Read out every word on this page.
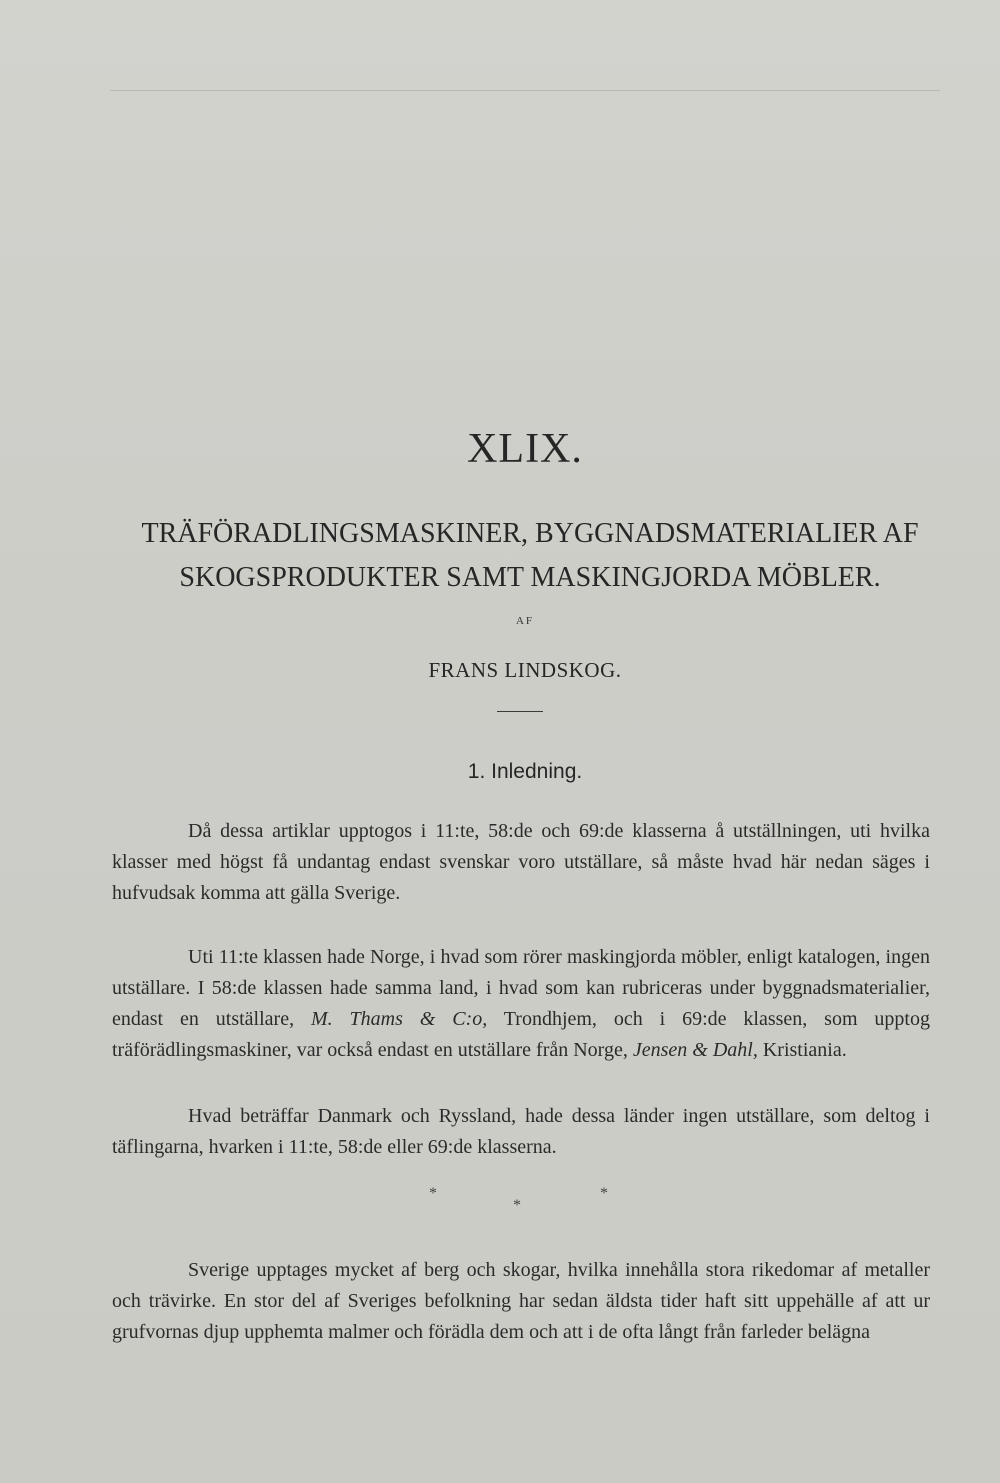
XLIX.
TRÄFÖRADLINGSMASKINER, BYGGNADSMATERIALIER AF
SKOGSPRODUKTER SAMT MASKINGJORDA MÖBLER.
AF
FRANS LINDSKOG.
1. Inledning.

Då dessa artiklar upptogos i 11:te, 58:de och 69:de klasserna å utställningen, uti hvilka klasser med högst få undantag endast svenskar voro utställare, så måste hvad här nedan säges i hufvudsak komma att gälla Sverige.

Uti 11:te klassen hade Norge, i hvad som rörer maskingjorda möbler, enligt katalogen, ingen utställare. I 58:de klassen hade samma land, i hvad som kan rubriceras under byggnadsmaterialier, endast en utställare, M. Thams & C:o, Trondhjem, och i 69:de klassen, som upptog träförädlingsmaskiner, var också endast en utställare från Norge, Jensen & Dahl, Kristiania.

Hvad beträffar Danmark och Ryssland, hade dessa länder ingen utställare, som deltog i täflingarna, hvarken i 11:te, 58:de eller 69:de klasserna.

*
*
*

Sverige upptages mycket af berg och skogar, hvilka innehålla stora rikedomar af metaller och trävirke. En stor del af Sveriges befolkning har sedan äldsta tider haft sitt uppehälle af att ur grufvornas djup upphemta malmer och förädla dem och att i de ofta långt från farleder belägna
